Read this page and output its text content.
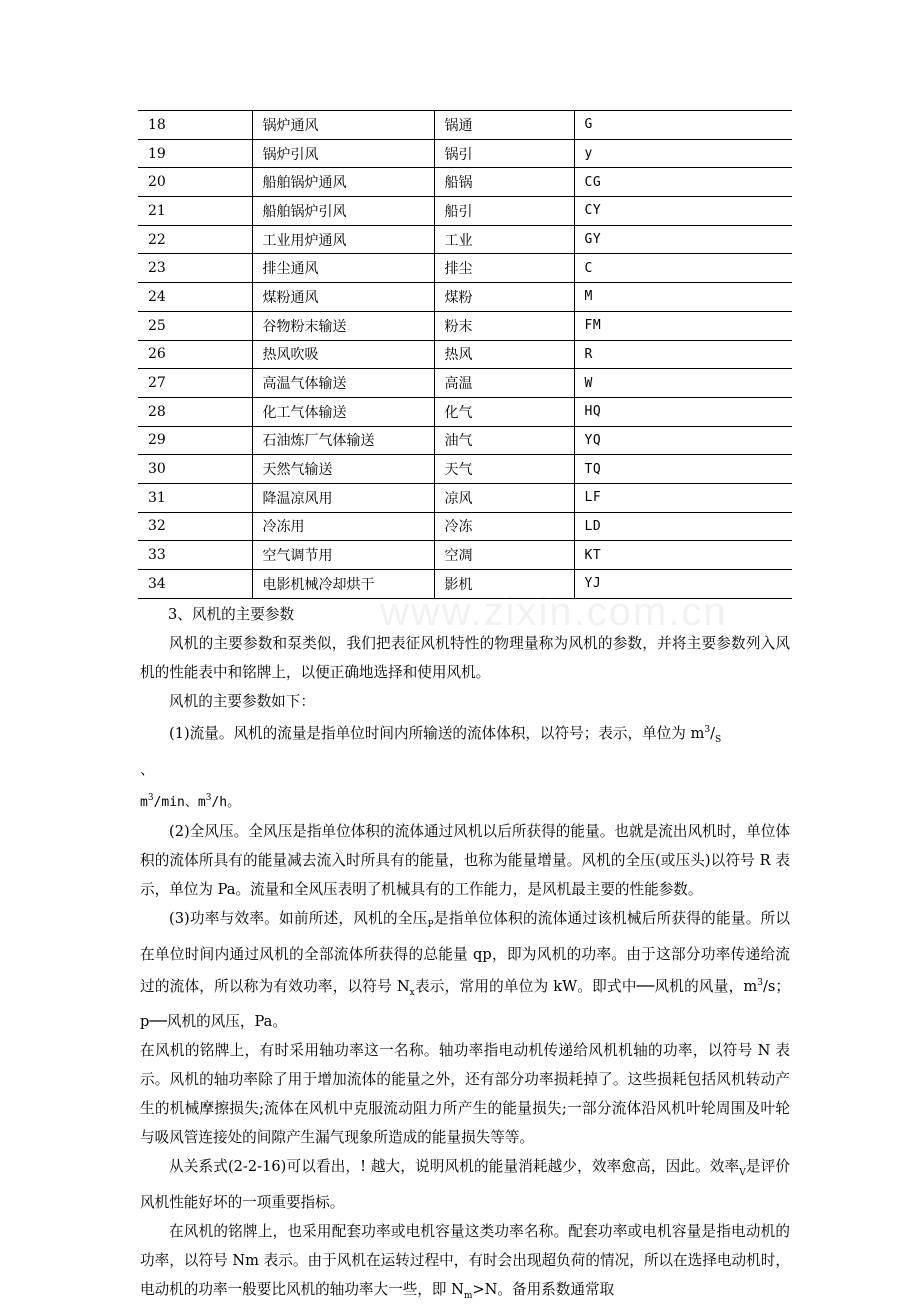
18	锅炉通风	锅通	G
19	锅炉引风	锅引	y
20	船舶锅炉通风	船锅	CG
21	船舶锅炉引风	船引	CY
22	工业用炉通风	工业	GY
23	排尘通风	排尘	C
24	煤粉通风	煤粉	M
25	谷物粉末输送	粉末	FM
26	热风吹吸	热风	R
27	高温气体输送	高温	W
28	化工气体输送	化气	HQ
29	石油炼厂气体输送	油气	YQ
30	天然气输送	天气	TQ
31	降温凉风用	凉风	LF
32	冷冻用	冷冻	LD
33	空气调节用	空凋	KT
34	电影机械冷却烘干	影机	YJ
www.zixin.com.cn

3、风机的主要参数

风机的主要参数和泵类似，我们把表征风机特性的物理量称为风机的参数，并将主要参数列入风机的性能表中和铭牌上，以便正确地选择和使用风机。

风机的主要参数如下：

(1)流量。风机的流量是指单位时间内所输送的流体体积，以符号；表示，单位为 $m^3/_S$

、

$m^3/\min$、$m^3/h$。

(2)全风压。全风压是指单位体积的流体通过风机以后所获得的能量。也就是流出风机时，单位体积的流体所具有的能量减去流入时所具有的能量，也称为能量增量。风机的全压(或压头)以符号 R 表示，单位为 Pa。流量和全风压表明了机械具有的工作能力，是风机最主要的性能参数。

(3)功率与效率。如前所述，风机的全压$_P$是指单位体积的流体通过该机械后所获得的能量。所以在单位时间内通过风机的全部流体所获得的总能量 qp，即为风机的功率。由于这部分功率传递给流过的流体，所以称为有效功率，以符号 $N_x$表示，常用的单位为 kW。即式中──风机的风量，$m^3/s$；p──风机的风压，Pa。

在风机的铭牌上，有时采用轴功率这一名称。轴功率指电动机传递给风机机轴的功率，以符号 N 表示。风机的轴功率除了用于增加流体的能量之外，还有部分功率损耗掉了。这些损耗包括风机转动产生的机械摩擦损失;流体在风机中克服流动阻力所产生的能量损失;一部分流体沿风机叶轮周围及叶轮与吸风管连接处的间隙产生漏气现象所造成的能量损失等等。

从关系式(2-2-16)可以看出，! 越大，说明风机的能量消耗越少，效率愈高，因此。效率$_V$是评价风机性能好坏的一项重要指标。

在风机的铭牌上，也采用配套功率或电机容量这类功率名称。配套功率或电机容量是指电动机的功率，以符号 Nm 表示。由于风机在运转过程中，有时会出现超负荷的情况，所以在选择电动机时，电动机的功率一般要比风机的轴功率大一些，即 $N_m>N$。备用系数通常取
